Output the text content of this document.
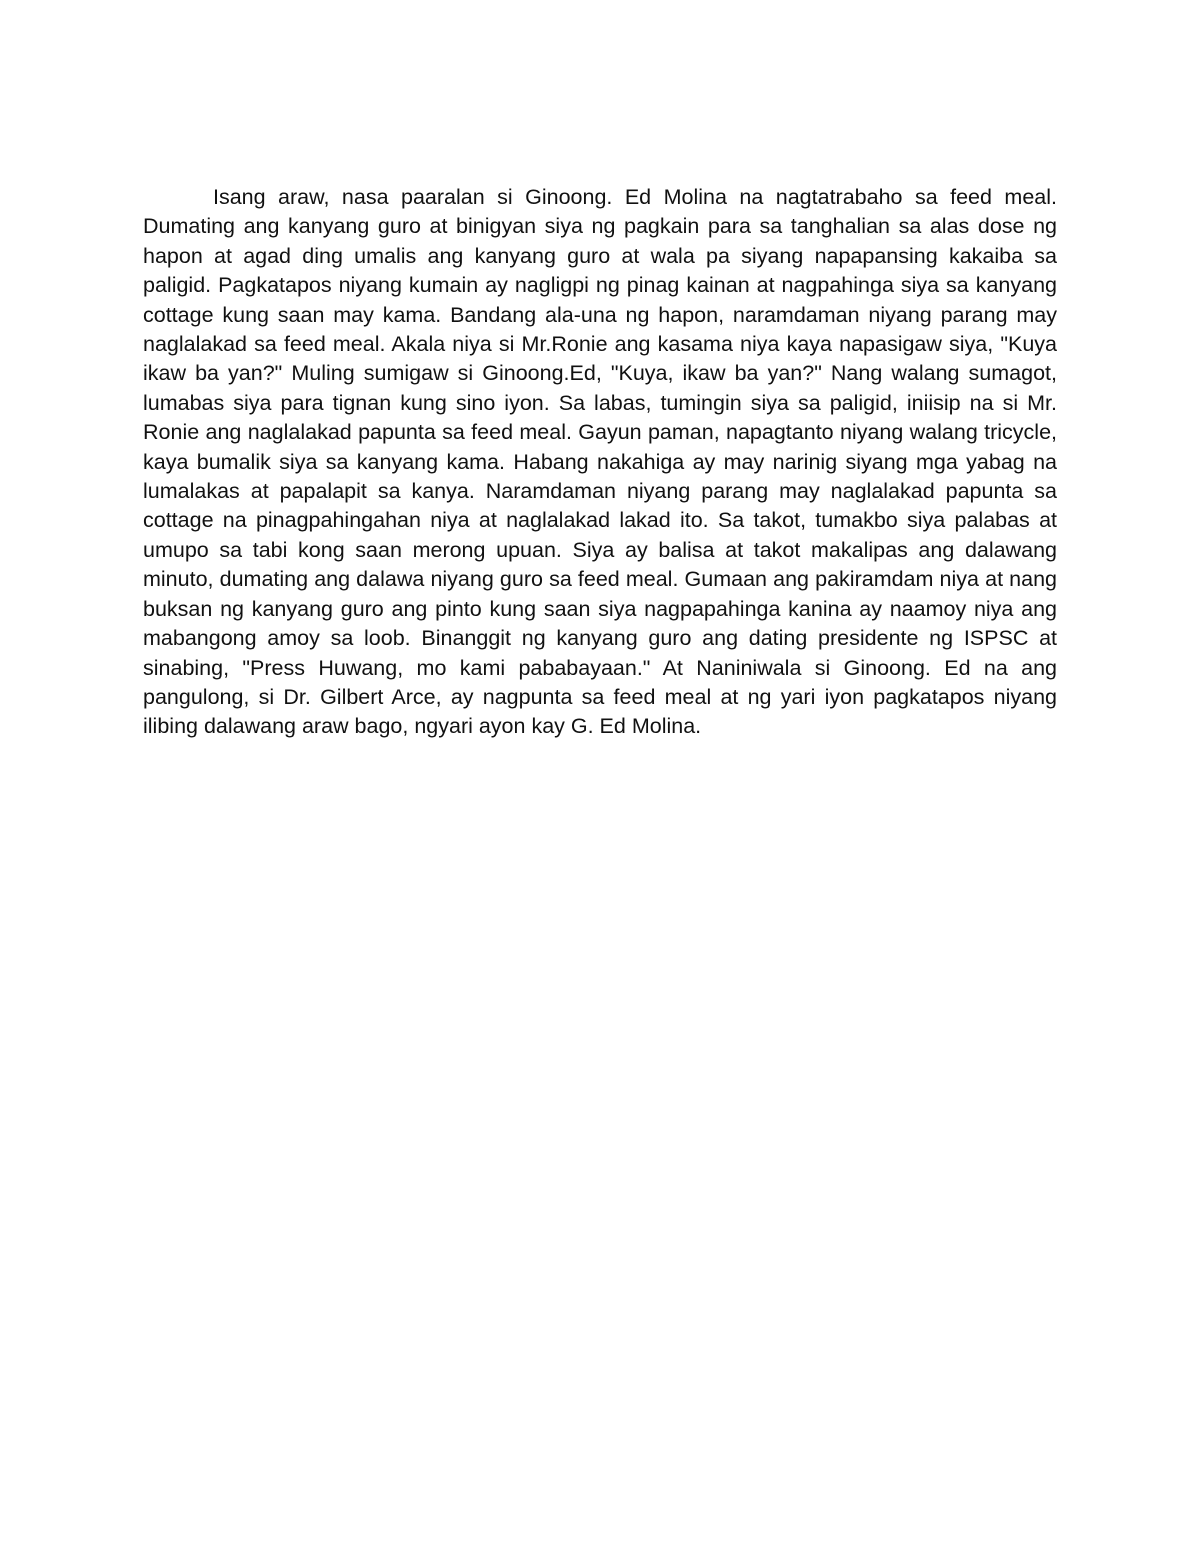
Isang araw, nasa paaralan si Ginoong. Ed Molina na nagtatrabaho sa feed meal. Dumating ang kanyang guro at binigyan siya ng pagkain para sa tanghalian sa alas dose ng hapon at agad ding umalis ang kanyang guro at wala pa siyang napapansing kakaiba sa paligid. Pagkatapos niyang kumain ay nagligpi ng pinag kainan at nagpahinga siya sa kanyang cottage kung saan may kama. Bandang ala-una ng hapon, naramdaman niyang parang may naglalakad sa feed meal. Akala niya si Mr.Ronie ang kasama niya kaya napasigaw siya, "Kuya ikaw ba yan?" Muling sumigaw si Ginoong.Ed, "Kuya, ikaw ba yan?" Nang walang sumagot, lumabas siya para tignan kung sino iyon. Sa labas, tumingin siya sa paligid, iniisip na si Mr. Ronie ang naglalakad papunta sa feed meal. Gayun paman, napagtanto niyang walang tricycle, kaya bumalik siya sa kanyang kama. Habang nakahiga ay may narinig siyang mga yabag na lumalakas at papalapit sa kanya. Naramdaman niyang parang may naglalakad papunta sa cottage na pinagpahingahan niya at naglalakad lakad ito. Sa takot, tumakbo siya palabas at umupo sa tabi kong saan merong upuan. Siya ay balisa at takot makalipas ang dalawang minuto, dumating ang dalawa niyang guro sa feed meal. Gumaan ang pakiramdam niya at nang buksan ng kanyang guro ang pinto kung saan siya nagpapahinga kanina ay naamoy niya ang mabangong amoy sa loob. Binanggit ng kanyang guro ang dating presidente ng ISPSC at sinabing, "Press Huwang, mo kami pababayaan." At Naniniwala si Ginoong. Ed na ang pangulong, si Dr. Gilbert Arce, ay nagpunta sa feed meal at ng yari iyon pagkatapos niyang ilibing dalawang araw bago, ngyari ayon kay G. Ed Molina.
